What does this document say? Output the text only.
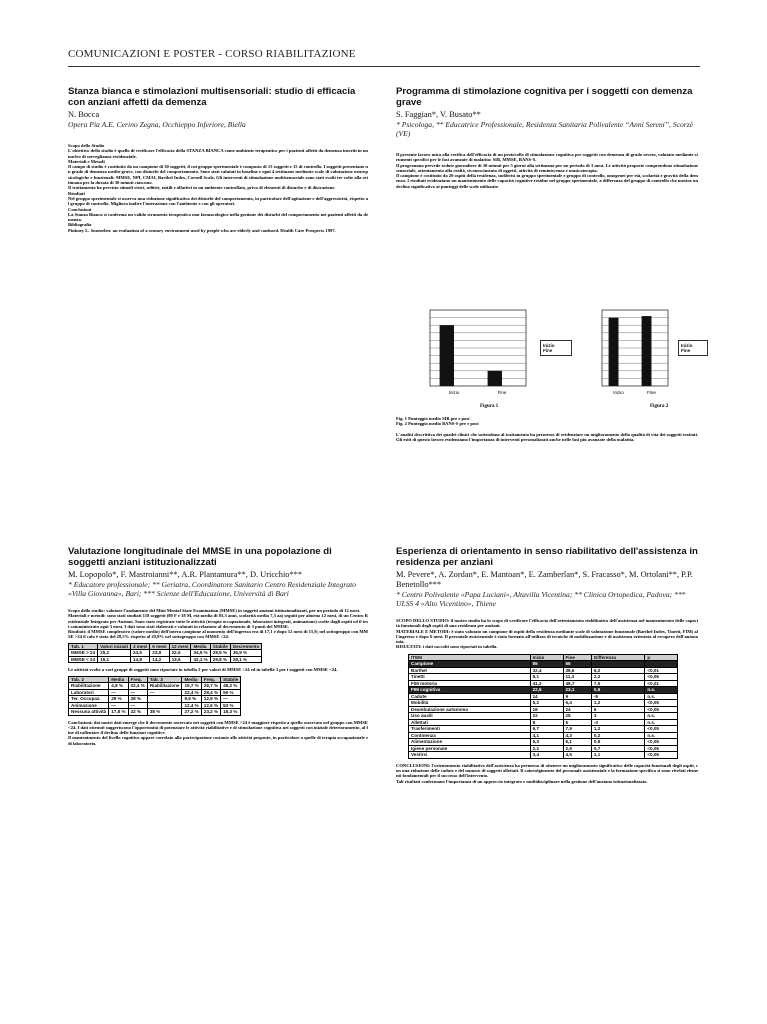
COMUNICAZIONI E POSTER - CORSO RIABILITAZIONE
Stanza bianca e stimolazioni multisensoriali: studio di efficacia con anziani affetti da demenza
N. Bocca
Opera Pia A.E. Cerino Zegna, Occhieppo Inferiore, Biella

Scopo dello Studio

L'obiettivo dello studio è quello di verificare l'efficacia della STANZA BIANCA come ambiente terapeutico per i pazienti affetti da demenza inseriti in un nucleo di sorveglianza residenziale.

Materiali e Metodi

Il campo di studio è costituito da un campione di 30 soggetti, il cui gruppo sperimentale è composto di 15 soggetti e 15 di controllo. I soggetti presentano un grado di demenza medio-grave, con disturbi del comportamento. Sono stati valutati in baseline e ogni 4 settimane mediante scale di valutazione neuropsicologiche e funzionali: MMSE, NPI, CMAI, Barthel Index, Cornell Scale. Gli interventi di stimolazione multisensoriale sono stati svolti tre volte alla settimana per la durata di 30 minuti ciascuno.

Il trattamento ha previsto stimoli visivi, uditivi, tattili e olfattivi in un ambiente controllato, privo di elementi di disturbo e di distrazione.

Risultati

Nel gruppo sperimentale si osserva una riduzione significativa dei disturbi del comportamento, in particolare dell'agitazione e dell'aggressività, rispetto al gruppo di controllo. Migliora inoltre l'interazione con l'ambiente e con gli operatori.

Conclusioni

La Stanza Bianca si conferma un valido strumento terapeutico non farmacologico nella gestione dei disturbi del comportamento nei pazienti affetti da demenza.

Bibliografia

Pinkney L. Snoezelen: an evaluation of a sensory environment used by people who are elderly and confused. Health Care Prospects 1997.

Programma di stimolazione cognitiva per i soggetti con demenza grave
S. Faggian*, V. Busato**
* Psicologa, ** Educatrice Professionale, Residenza Sanitaria Polivalente “Anni Sereni”, Scorzè (VE)

Il presente lavoro mira alla verifica dell'efficacia di un protocollo di stimolazione cognitiva per soggetti con demenza di grado severo, valutato mediante strumenti specifici per le fasi avanzate di malattia: SIB, MMSE, BANS-S.

Il programma prevede sedute giornaliere di 30 minuti per 5 giorni alla settimana per un periodo di 3 mesi. Le attività proposte comprendono stimolazione sensoriale, orientamento alla realtà, riconoscimento di oggetti, attività di reminiscenza e musicoterapia.

Il campione è costituito da 20 ospiti della residenza, suddivisi in gruppo sperimentale e gruppo di controllo, omogenei per età, scolarità e gravità della demenza. I risultati evidenziano un mantenimento delle capacità cognitive residue nel gruppo sperimentale, a differenza del gruppo di controllo che mostra un declino significativo ai punteggi delle scale utilizzate.

Inizio	Fine
Inizio
Fine
Inizio	Fine
Inizio
Fine
Figura 1	Figura 2

Fig. 1 Punteggio medio SIB pre e post

Fig. 2 Punteggio medio BANS-S pre e post

L'analisi descrittiva dei quadri clinici che sottendono al trattamento ha permesso di evidenziare un miglioramento della qualità di vita dei soggetti trattati. Gli esiti di questo lavoro evidenziano l'importanza di interventi personalizzati anche nelle fasi più avanzate della malattia.

Valutazione longitudinale del MMSE in una popolazione di soggetti anziani istituzionalizzati
M. Lopopolo*, F. Mastroianni**, A.R. Plantamura**, D. Uricchio***
* Educatore professionale; ** Geriatra, Coordinatore Sanitario Centro Residenziale Integrato «Villa Giovanna», Bari; *** Scienze dell'Educazione, Università di Bari

Scopo dello studio: valutare l'andamento del Mini Mental State Examination (MMSE) in soggetti anziani istituzionalizzati, per un periodo di 12 mesi.

Materiali e metodi: sono stati studiati 118 soggetti (80 F e 38 M, età media di 83,3 anni, scolarità media 7,3 aa) seguiti per almeno 12 mesi, di un Centro Residenziale Integrato per Anziani. Sono state registrate tutte le attività (terapia occupazionale, laboratori integrati, animazione) svolte dagli ospiti ed il test somministrato ogni 3 mesi. I dati sono stati elaborati e valutati in relazione al decremento di 3 punti del MMSE.

Risultati: il MMSE complessivo (valore medio) dell'intera campione al momento dell'ingresso era di 17,1 e dopo 12 mesi di 15,8; nel sottogruppo con MMSE >24 il calo è stato del 28,5% rispetto al 29,8% nel sottogruppo con MMSE <24.

Tab. 1	Valori iniziali	3 mesi	6 mesi	12 mesi	Media	Stabile	Decremento
MMSE > 24	25,2	24,5	23,9	22,6	34,5 %	28,5 %	36,9 %
MMSE < 24	15,1	14,8	14,2	13,6	42,1 %	29,8 %	28,1 %
Le attività svolte a vari gruppi di soggetti sono riportate in tabella 2 per valori di MMSE >24 ed in tabella 3 per i soggetti con MMSE <24.
Tab. 2	Media	Freq.	Tab. 3	Media	Freq.	Stabile
Riabilitazione	4,8 %	32,4 %	Riabilitazione	15,7 %	28,7 %	48,2 %
Laboratori	—	—	—	22,4 %	28,4 %	55 %
Ter. Occupaz.	29 %	38 %		9,5 %	12,9 %	—
Animazione	—	—		12,4 %	12,6 %	53 %
Nessuna attività	17,8 %	32 %	38 %	27,2 %	23,2 %	18,3 %

Conclusioni: dai nostri dati emerge che il decremento osservato nei soggetti con MMSE >24 è maggiore rispetto a quello osservato nel gruppo con MMSE <24. I dati ottenuti suggeriscono l'opportunità di potenziare le attività riabilitative e di stimolazione cognitiva nei soggetti con iniziale deterioramento, al fine di rallentare il declino delle funzioni cognitive.

Il mantenimento del livello cognitivo appare correlato alla partecipazione costante alle attività proposte, in particolare a quelle di terapia occupazionale e di laboratorio.

Esperienza di orientamento in senso riabilitativo dell'assistenza in residenza per anziani
M. Pevere*, A. Zordan*, E. Mantoan*, E. Zamberlan*, S. Fracasso*, M. Ortolani**, P.P. Benetollo***
* Centro Polivalente «Papa Luciani», Altavilla Vicentina; ** Clinica Ortopedica, Padova; *** ULSS 4 «Alto Vicentino», Thiene

SCOPO DELLO STUDIO: il nostro studio ha lo scopo di verificare l'efficacia dell'orientamento riabilitativo dell'assistenza nel mantenimento delle capacità funzionali degli ospiti di una residenza per anziani.

MATERIALE E METODI: è stato valutato un campione di ospiti della residenza mediante scale di valutazione funzionale (Barthel Index, Tinetti, FIM) all'ingresso e dopo 6 mesi. Il personale assistenziale è stato formato all'utilizzo di tecniche di mobilizzazione e di assistenza orientata al recupero dell'autonomia.

RISULTATI: i dati raccolti sono riportati in tabella.

ITEM	Inizio	Fine	Differenza	p
Campione	55	55		
Barthel	32,4	38,6	6,2	<0,01
Tinetti	9,1	11,3	2,2	<0,05
FIM motoria	41,2	48,7	7,5	<0,01
FIM cognitiva	22,5	23,1	0,6	n.s.
Cadute	14	9	-5	n.s.
Mobilità	5,2	6,4	1,2	<0,05
Deambulazione autonoma	18	24	6	<0,05
Uso ausili	22	25	3	n.s.
Allettati	8	5	-3	n.s.
Trasferimenti	6,7	7,9	1,2	<0,05
Continenza	4,1	4,3	0,2	n.s.
Alimentazione	5,3	6,1	0,8	<0,05
Igiene personale	2,2	2,9	0,7	<0,05
Vestirsi	3,4	4,5	1,1	<0,05

CONCLUSIONI: l'orientamento riabilitativo dell'assistenza ha permesso di ottenere un miglioramento significativo delle capacità funzionali degli ospiti, con una riduzione delle cadute e del numero di soggetti allettati. Il coinvolgimento del personale assistenziale e la formazione specifica si sono rivelati elementi fondamentali per il successo dell'intervento.

Tali risultati confermano l'importanza di un approccio integrato e multidisciplinare nella gestione dell'anziano istituzionalizzato.
